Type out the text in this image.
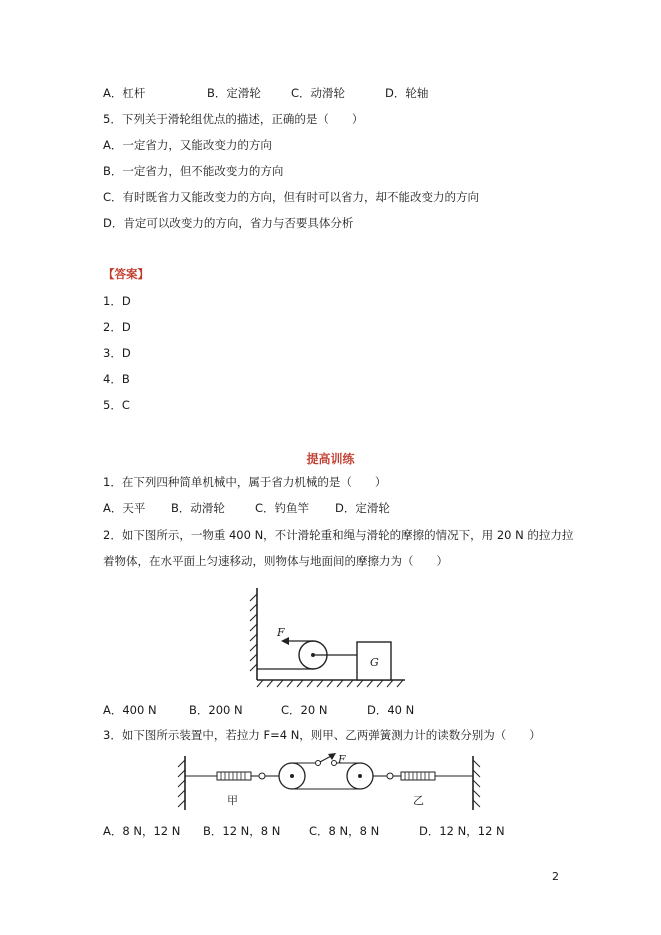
A．杠杆	B．定滑轮	C．动滑轮	D．轮轴
5．下列关于滑轮组优点的描述，正确的是（　　）
A．一定省力，又能改变力的方向
B．一定省力，但不能改变力的方向
C．有时既省力又能改变力的方向，但有时可以省力，却不能改变力的方向
D．肯定可以改变力的方向，省力与否要具体分析
【答案】
1．D
2．D
3．D
4．B
5．C
提高训练
1．在下列四种简单机械中，属于省力机械的是（　　）
A．天平 B．动滑轮	C．钓鱼竿 D．定滑轮
2．如下图所示，一物重 400 N，不计滑轮重和绳与滑轮的摩擦的情况下，用 20 N 的拉力拉
着物体，在水平面上匀速移动，则物体与地面间的摩擦力为（　　）
F
G
A．400 N	B．200 N	C．20 N	D．40 N
3．如下图所示装置中，若拉力 F=4 N，则甲、乙两弹簧测力计的读数分别为（　　）
F
甲	乙
A．8 N，12 N B．12 N，8 N C．8 N，8 N	D．12 N，12 N
2
